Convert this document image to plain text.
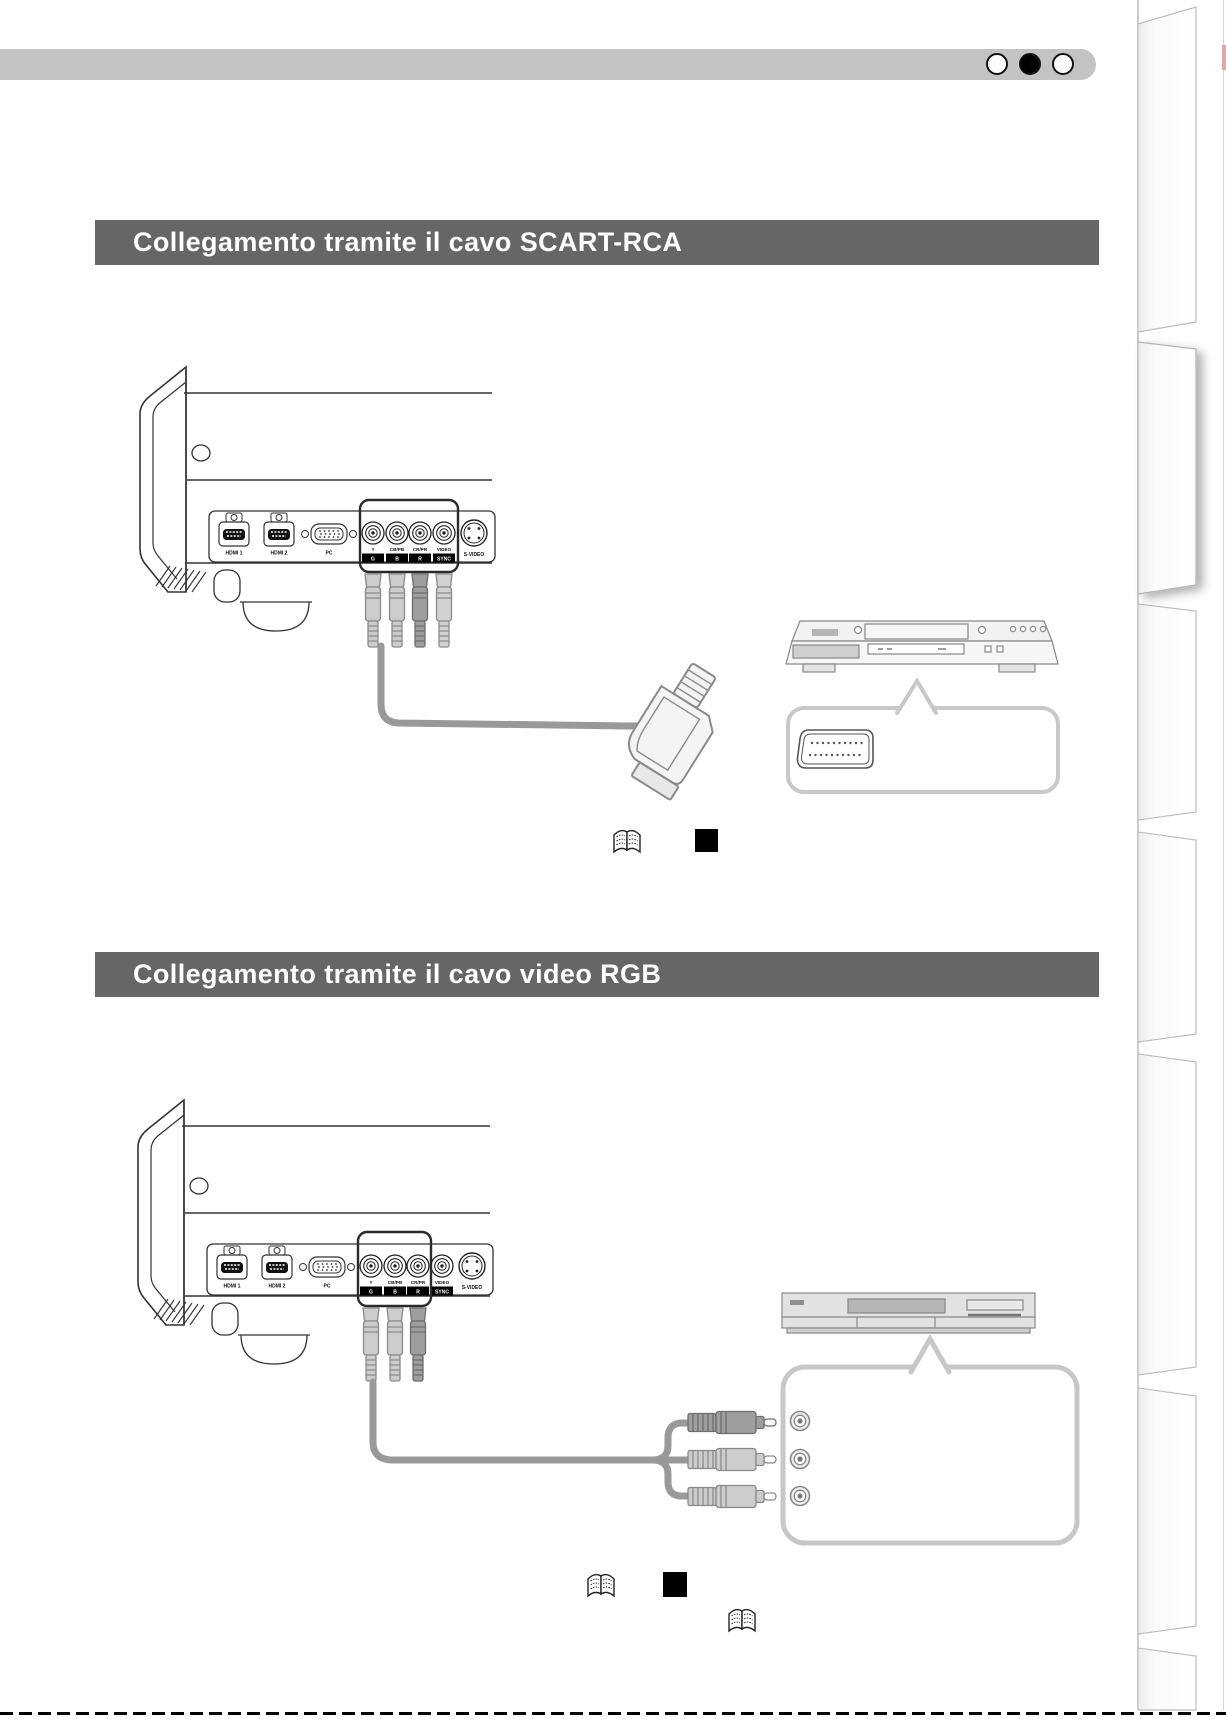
Collegamento tramite il cavo SCART-RCA
Collegamento tramite il cavo video RGB
